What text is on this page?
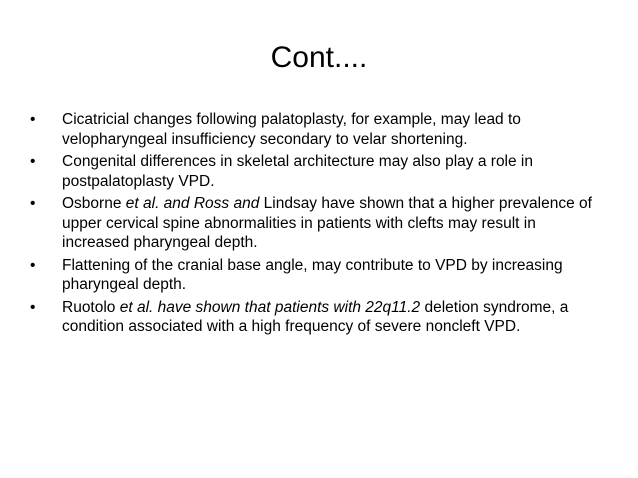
Cont....
•	Cicatricial changes following palatoplasty, for example, may lead to velopharyngeal insufficiency secondary to velar shortening.
•	Congenital differences in skeletal architecture may also play a role in postpalatoplasty VPD.
•	Osborne et al. and Ross and Lindsay have shown that a higher prevalence of upper cervical spine abnormalities in patients with clefts may result in increased pharyngeal depth.
•	Flattening of the cranial base angle, may contribute to VPD by increasing pharyngeal depth.
•	Ruotolo et al. have shown that patients with 22q11.2 deletion syndrome, a condition associated with a high frequency of severe noncleft VPD.
